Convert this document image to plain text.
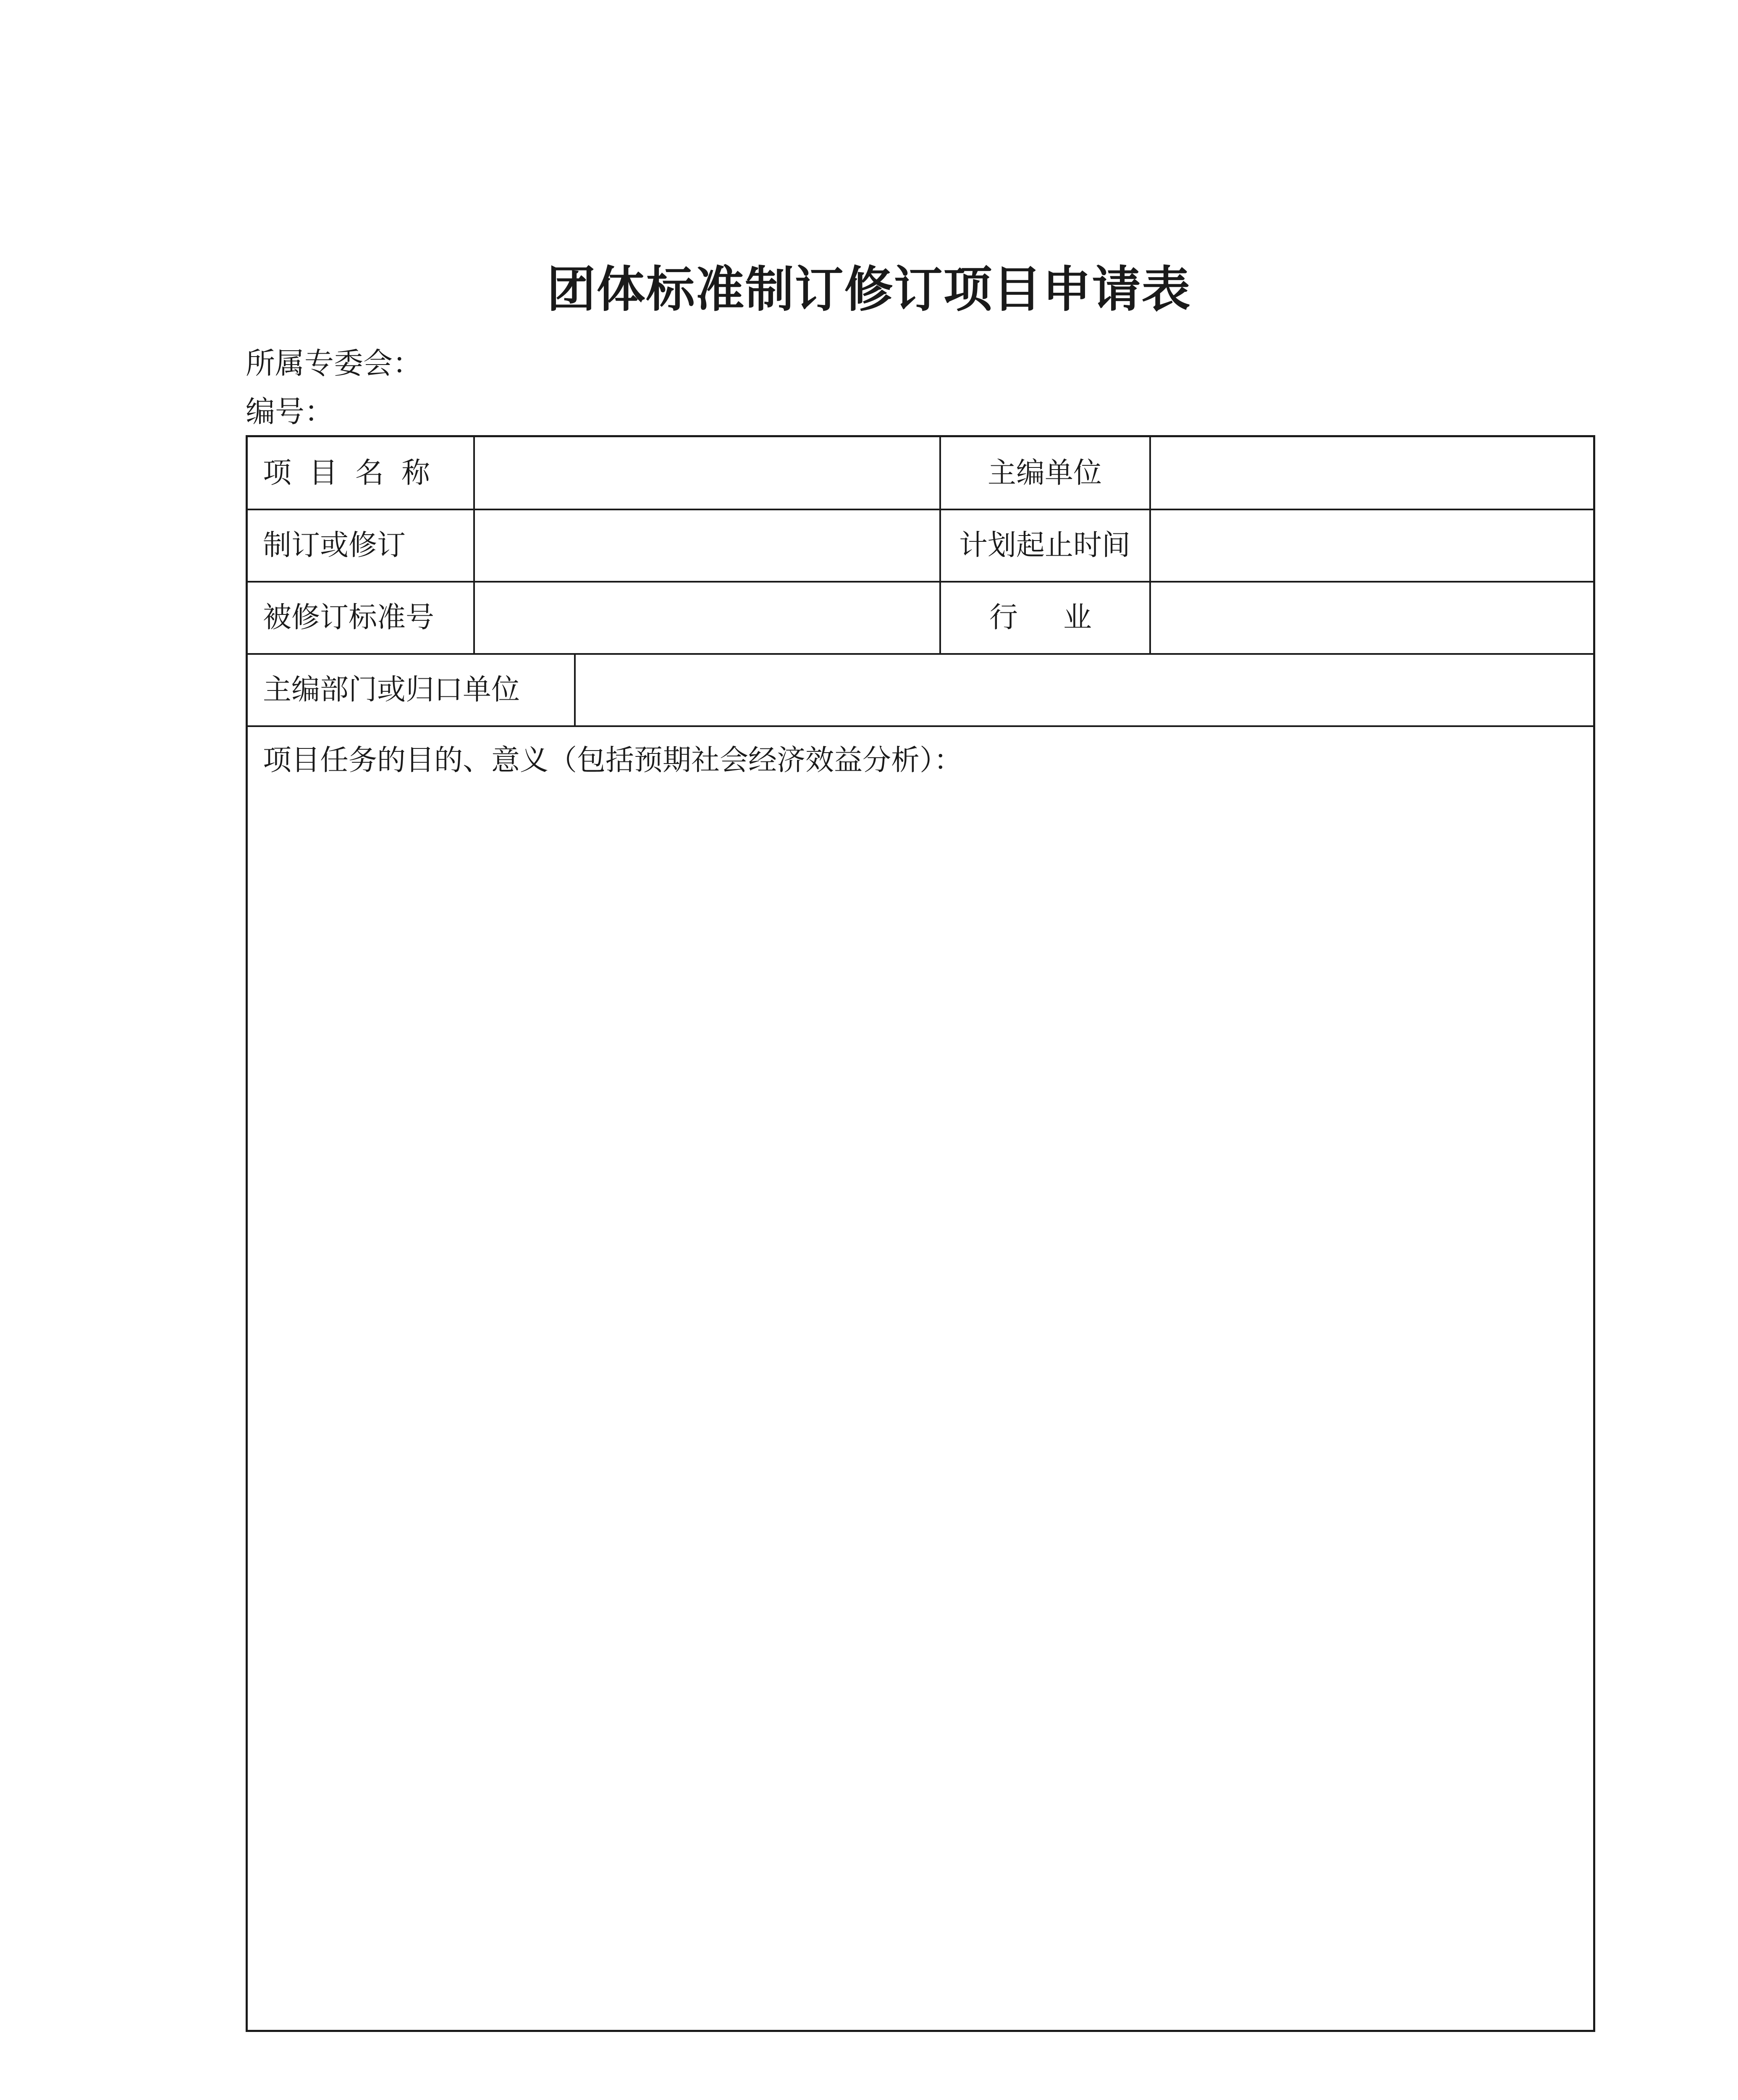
团体标准制订修订项目申请表
所属专委会：
编号：
项目名称	主编单位
制订或修订	计划起止时间
被修订标准号	行　业
主编部门或归口单位
项目任务的目的、意义（包括预期社会经济效益分析）：
